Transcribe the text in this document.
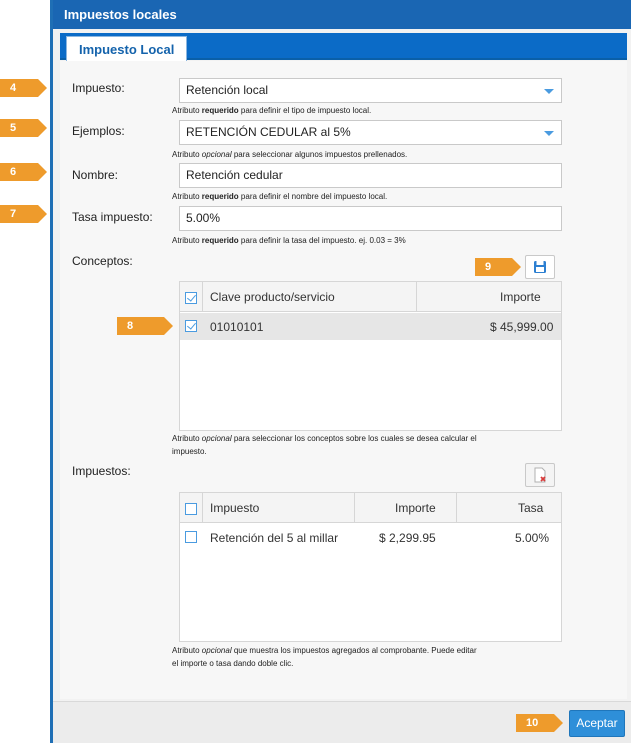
4
5
6
7
Impuestos locales
Impuesto Local
Impuesto:	Retención local
Atributo requerido para definir el tipo de impuesto local.
Ejemplos:	RETENCIÓN CEDULAR al 5%
Atributo opcional para seleccionar algunos impuestos prellenados.
Nombre:	Retención cedular
Atributo requerido para definir el nombre del impuesto local.
Tasa impuesto:	5.00%
Atributo requerido para definir la tasa del impuesto. ej. 0.03 = 3%
Conceptos:	9
Clave producto/servicio	Importe
01010101	$ 45,999.00
Atributo opcional para seleccionar los conceptos sobre los cuales se desea calcular el
impuesto.
Impuestos:
Impuesto	Importe	Tasa
Retención del 5 al millar	$ 2,299.95	5.00%
Atributo opcional que muestra los impuestos agregados al comprobante. Puede editar
el importe o tasa dando doble clic.
10	Aceptar
8
